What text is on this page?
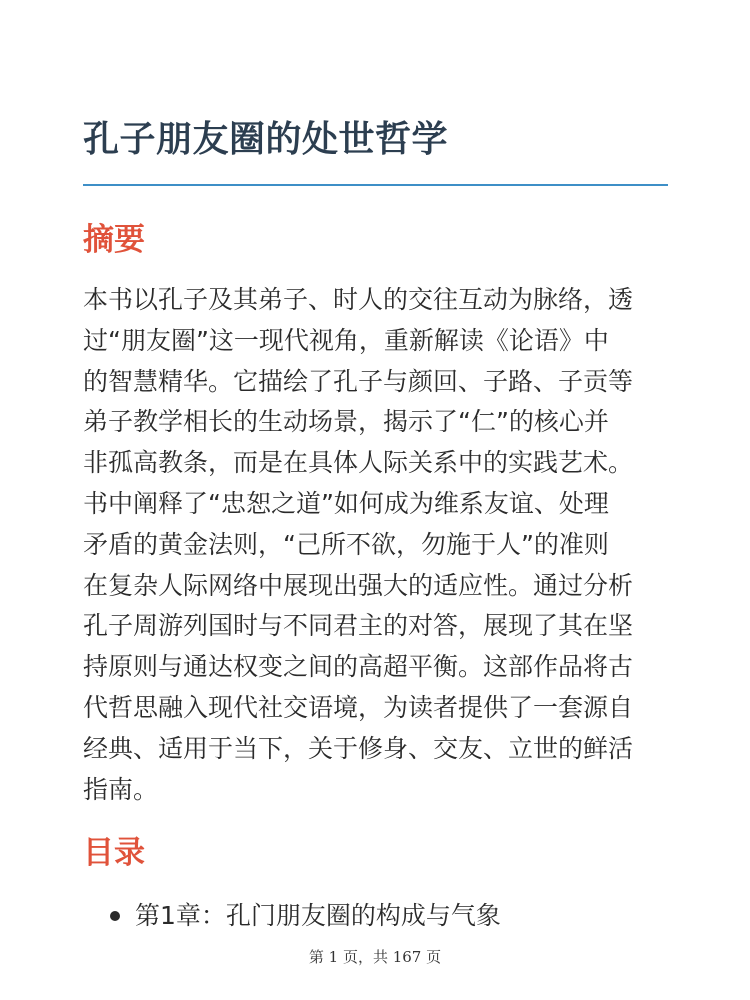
孔子朋友圈的处世哲学
摘要
本书以孔子及其弟子、时人的交往互动为脉络，透
过“朋友圈”这一现代视角，重新解读《论语》中
的智慧精华。它描绘了孔子与颜回、子路、子贡等
弟子教学相长的生动场景，揭示了“仁”的核心并
非孤高教条，而是在具体人际关系中的实践艺术。
书中阐释了“忠恕之道”如何成为维系友谊、处理
矛盾的黄金法则，“己所不欲，勿施于人”的准则
在复杂人际网络中展现出强大的适应性。通过分析
孔子周游列国时与不同君主的对答，展现了其在坚
持原则与通达权变之间的高超平衡。这部作品将古
代哲思融入现代社交语境，为读者提供了一套源自
经典、适用于当下，关于修身、交友、立世的鲜活
指南。
目录
第1章：孔门朋友圈的构成与气象
第 1 页，共 167 页
